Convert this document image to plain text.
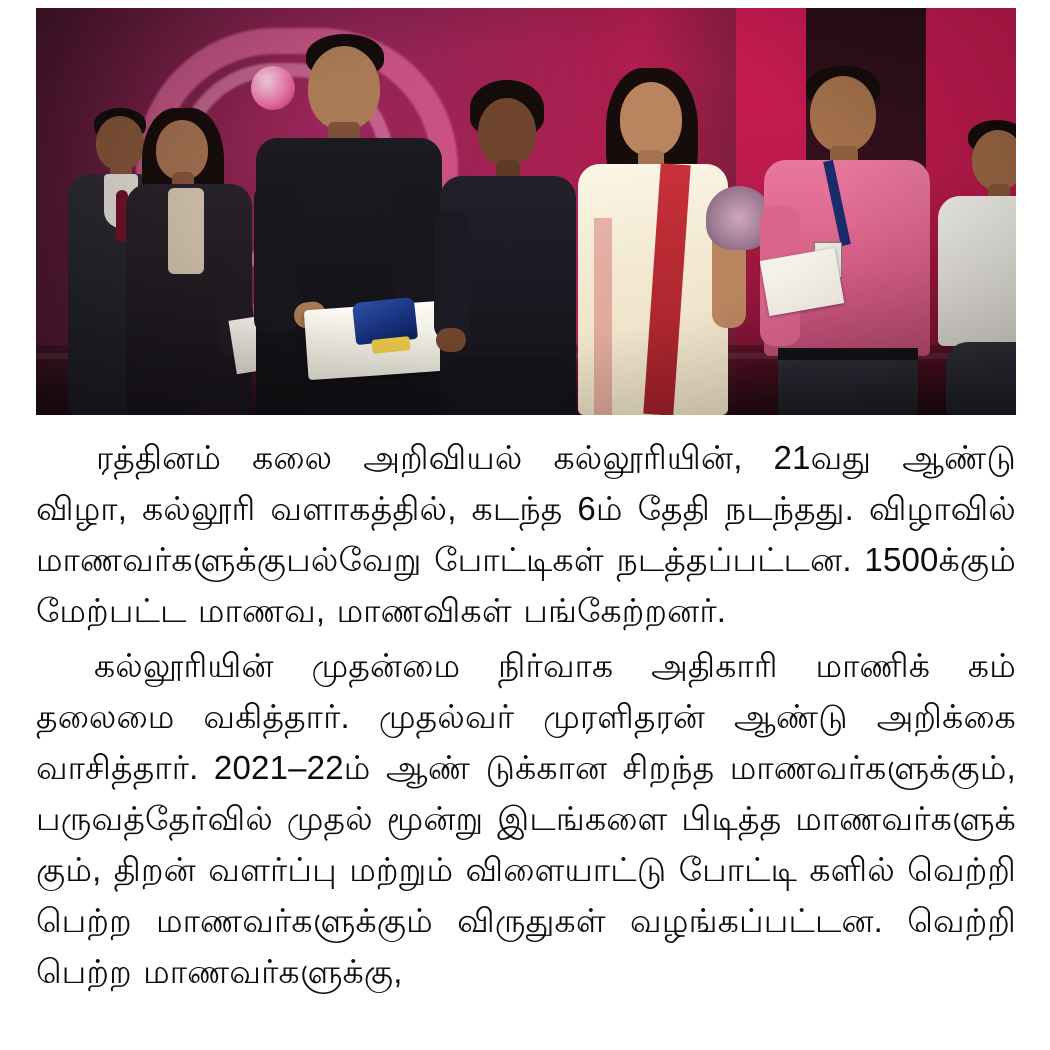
ரத்தினம் கலை அறிவியல் கல்லூரியின், 21வது ஆண்டு விழா, கல்லூரி வளாகத்தில், கடந்த 6ம் தேதி நடந்தது. விழாவில் மாணவர்களுக்குபல்வேறு போட்டிகள் நடத்தப்பட்டன. 1500க்கும் மேற்பட்ட மாணவ, மாணவிகள் பங்கேற்றனர்.

கல்லூரியின் முதன்மை நிர்வாக அதிகாரி மாணிக் கம் தலைமை வகித்தார். முதல்வர் முரளிதரன் ஆண்டு அறிக்கை வாசித்தார். 2021–22ம் ஆண் டுக்கான சிறந்த மாணவர்களுக்கும், பருவத்தேர்வில் முதல் மூன்று இடங்களை பிடித்த மாணவர்களுக் கும், திறன் வளர்ப்பு மற்றும் விளையாட்டு போட்டி களில் வெற்றி பெற்ற மாணவர்களுக்கும் விருதுகள் வழங்கப்பட்டன. வெற்றி பெற்ற மாணவர்களுக்கு,
